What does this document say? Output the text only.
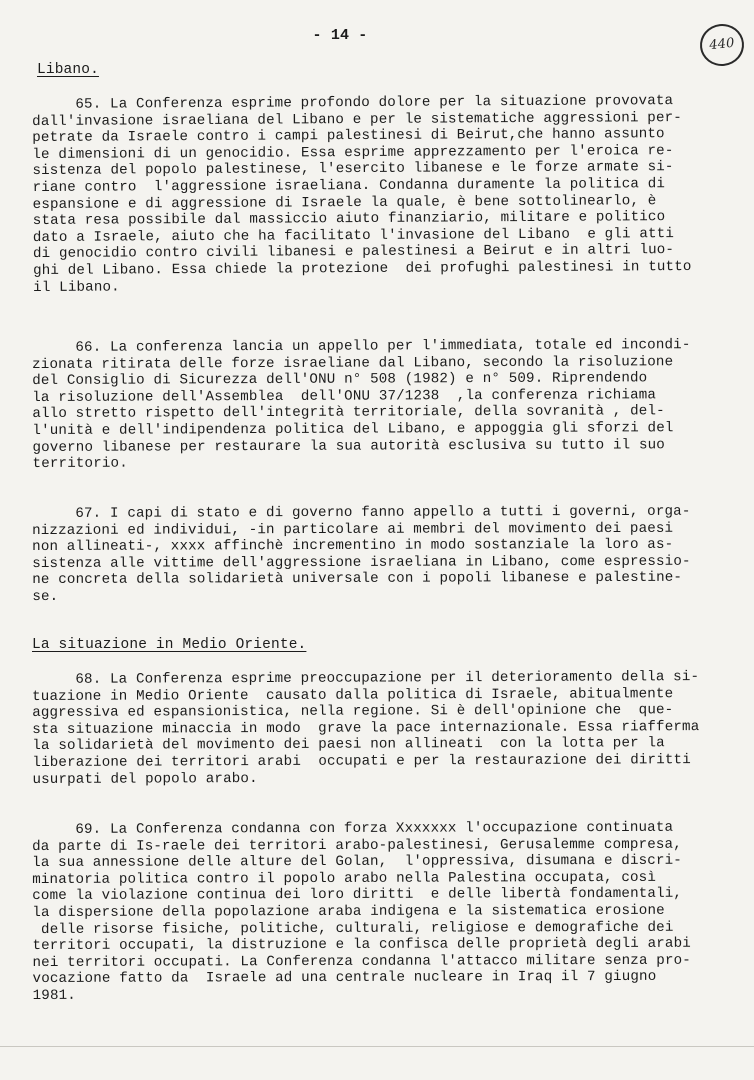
- 14 -	440
Libano.
65. La Conferenza esprime profondo dolore per la situazione provovata
dall'invasione israeliana del Libano e per le sistematiche aggressioni per-
petrate da Israele contro i campi palestinesi di Beirut,che hanno assunto
le dimensioni di un genocidio. Essa esprime apprezzamento per l'eroica re-
sistenza del popolo palestinese, l'esercito libanese e le forze armate si-
riane contro  l'aggressione israeliana. Condanna duramente la politica di
espansione e di aggressione di Israele la quale, è bene sottolinearlo, è
stata resa possibile dal massiccio aiuto finanziario, militare e politico
dato a Israele, aiuto che ha facilitato l'invasione del Libano  e gli atti
di genocidio contro civili libanesi e palestinesi a Beirut e in altri luo-
ghi del Libano. Essa chiede la protezione  dei profughi palestinesi in tutto
il Libano.
66. La conferenza lancia un appello per l'immediata, totale ed incondi-
zionata ritirata delle forze israeliane dal Libano, secondo la risoluzione
del Consiglio di Sicurezza dell'ONU n° 508 (1982) e n° 509. Riprendendo
la risoluzione dell'Assemblea  dell'ONU 37/1238  ,la conferenza richiama
allo stretto rispetto dell'integrità territoriale, della sovranità , del-
l'unità e dell'indipendenza politica del Libano, e appoggia gli sforzi del
governo libanese per restaurare la sua autorità esclusiva su tutto il suo
territorio.
67. I capi di stato e di governo fanno appello a tutti i governi, orga-
nizzazioni ed individui, -in particolare ai membri del movimento dei paesi
non allineati-, xxxx affinchè incrementino in modo sostanziale la loro as-
sistenza alle vittime dell'aggressione israeliana in Libano, come espressio-
ne concreta della solidarietà universale con i popoli libanese e palestine-
se.
La situazione in Medio Oriente.
68. La Conferenza esprime preoccupazione per il deterioramento della si-
tuazione in Medio Oriente  causato dalla politica di Israele, abitualmente
aggressiva ed espansionistica, nella regione. Si è dell'opinione che  que-
sta situazione minaccia in modo  grave la pace internazionale. Essa riafferma
la solidarietà del movimento dei paesi non allineati  con la lotta per la
liberazione dei territori arabi  occupati e per la restaurazione dei diritti
usurpati del popolo arabo.
69. La Conferenza condanna con forza Xxxxxxx l'occupazione continuata
da parte di Is-raele dei territori arabo-palestinesi, Gerusalemme compresa,
la sua annessione delle alture del Golan,  l'oppressiva, disumana e discri-
minatoria politica contro il popolo arabo nella Palestina occupata, così
come la violazione continua dei loro diritti  e delle libertà fondamentali,
la dispersione della popolazione araba indigena e la sistematica erosione
delle risorse fisiche, politiche, culturali, religiose e demografiche dei
territori occupati, la distruzione e la confisca delle proprietà degli arabi
nei territori occupati. La Conferenza condanna l'attacco militare senza pro-
vocazione fatto da  Israele ad una centrale nucleare in Iraq il 7 giugno
1981.
